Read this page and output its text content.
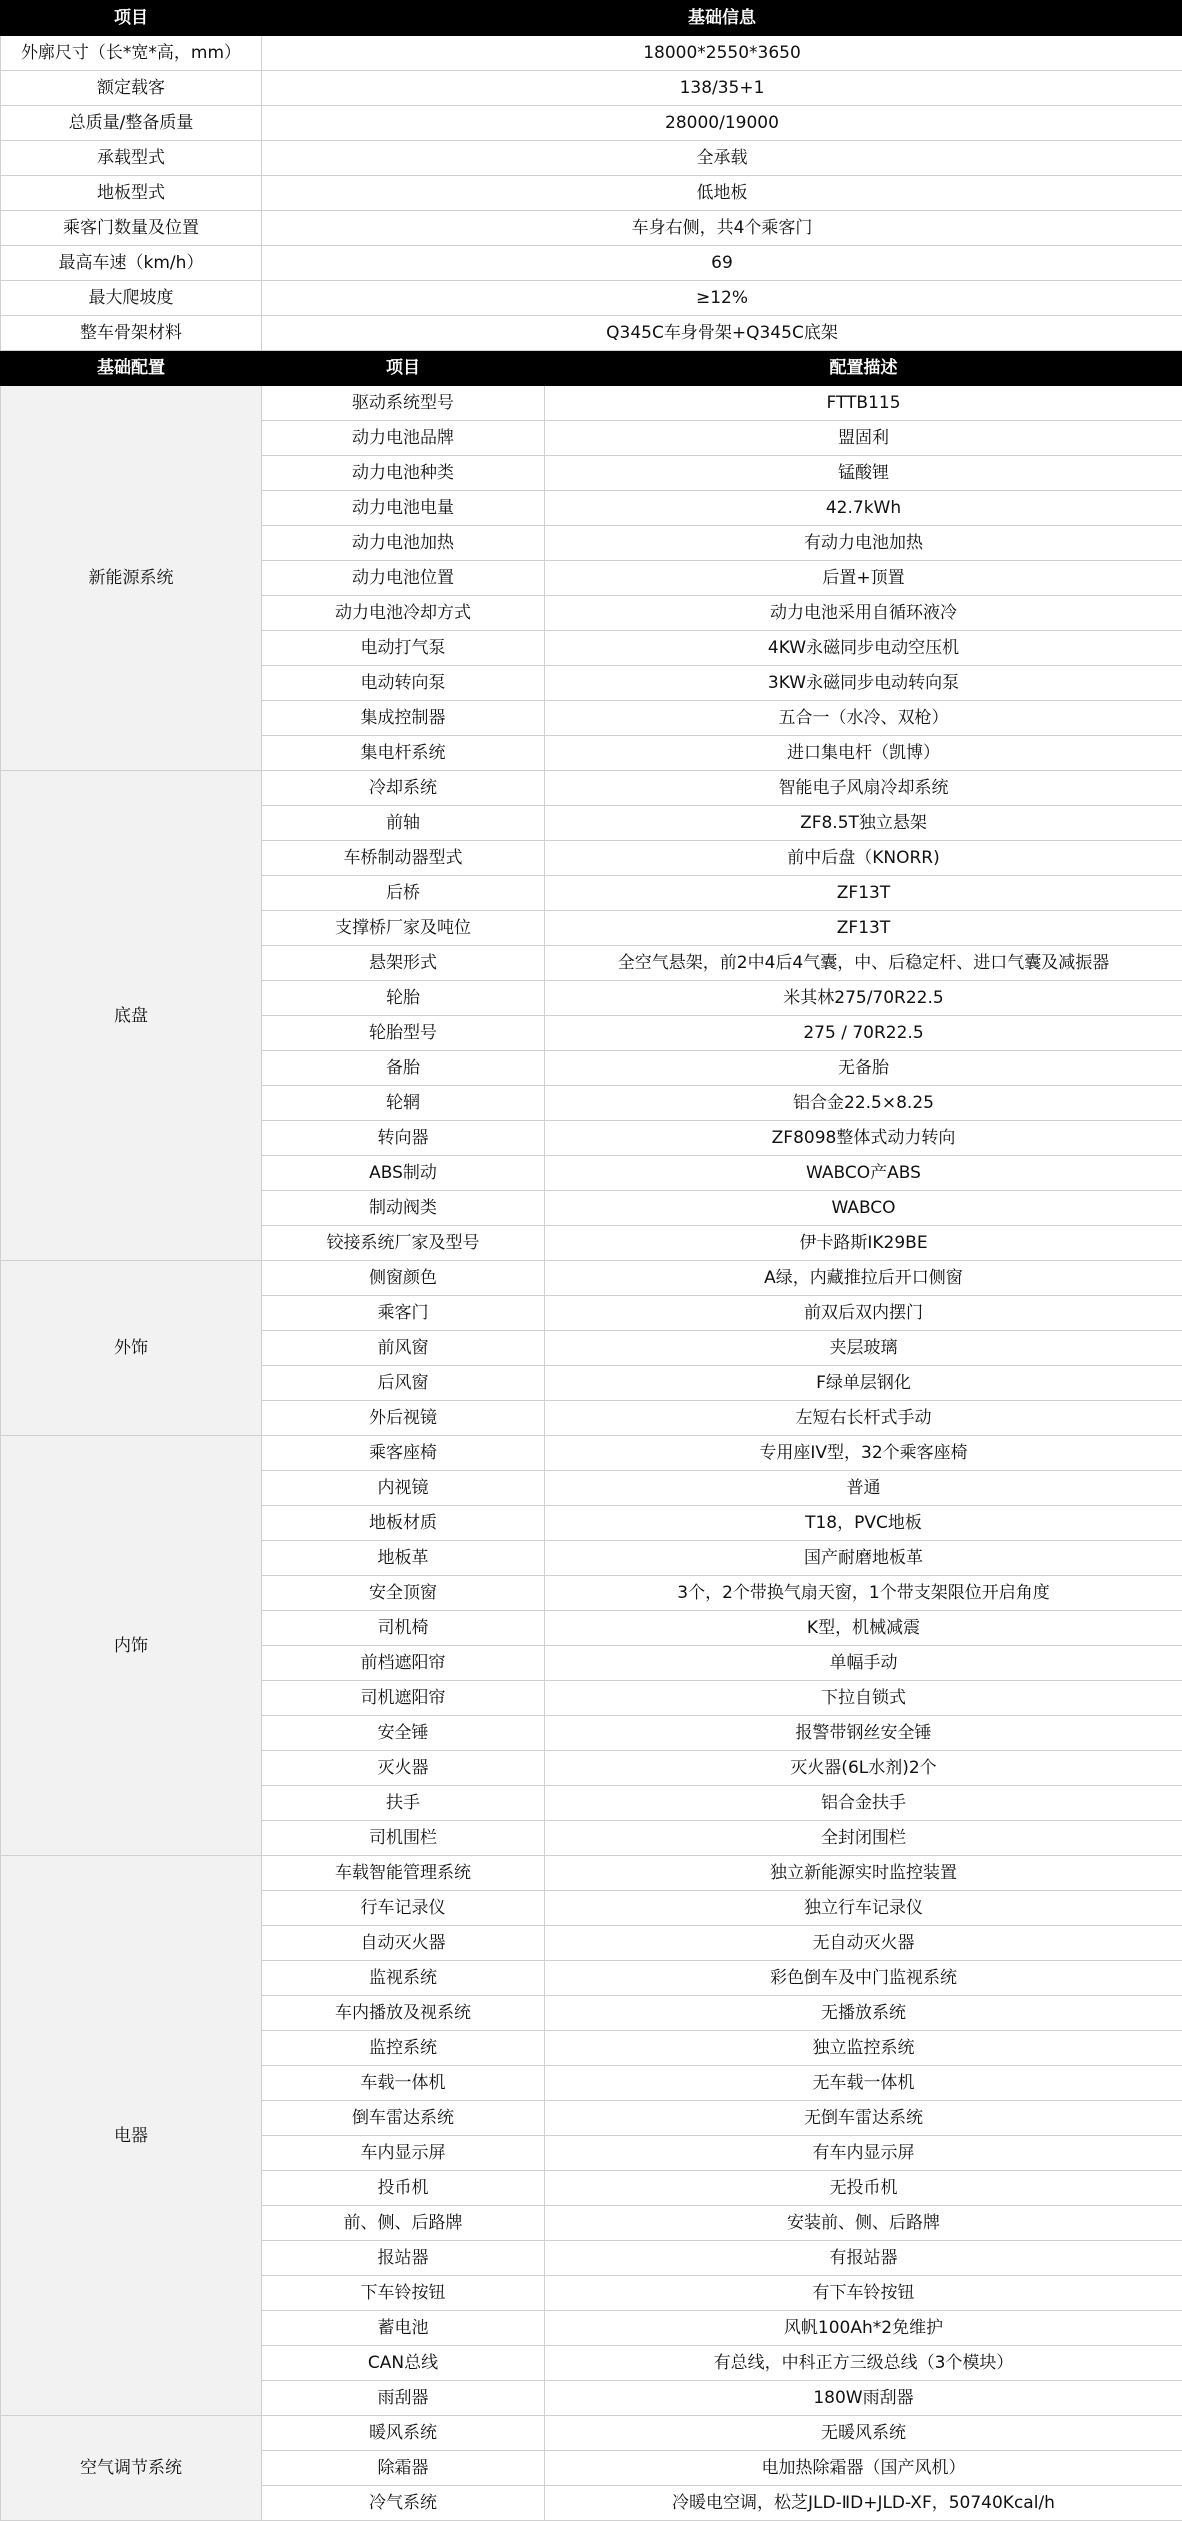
项目	基础信息	
外廓尺寸（长*宽*高，mm）	18000*2550*3650	
额定载客	138/35+1	
总质量/整备质量	28000/19000	
承载型式	全承载	
地板型式	低地板	
乘客门数量及位置	车身右侧，共4个乘客门	
最高车速（km/h）	69	
最大爬坡度	≥12%	
整车骨架材料	Q345C车身骨架+Q345C底架	
基础配置	项目	配置描述
新能源系统	驱动系统型号	FTTB115
	动力电池品牌	盟固利
	动力电池种类	锰酸锂
	动力电池电量	42.7kWh
	动力电池加热	有动力电池加热
	动力电池位置	后置+顶置
	动力电池冷却方式	动力电池采用自循环液冷
	电动打气泵	4KW永磁同步电动空压机
	电动转向泵	3KW永磁同步电动转向泵
	集成控制器	五合一（水冷、双枪）
	集电杆系统	进口集电杆（凯博）
底盘	冷却系统	智能电子风扇冷却系统
	前轴	ZF8.5T独立悬架
	车桥制动器型式	前中后盘（KNORR)
	后桥	ZF13T
	支撑桥厂家及吨位	ZF13T
	悬架形式	全空气悬架，前2中4后4气囊，中、后稳定杆、进口气囊及减振器
	轮胎	米其林275/70R22.5
	轮胎型号	275 / 70R22.5
	备胎	无备胎
	轮辋	铝合金22.5×8.25
	转向器	ZF8098整体式动力转向
	ABS制动	WABCO产ABS
	制动阀类	WABCO
	铰接系统厂家及型号	伊卡路斯IK29BE
外饰	侧窗颜色	A绿，内藏推拉后开口侧窗
	乘客门	前双后双内摆门
	前风窗	夹层玻璃
	后风窗	F绿单层钢化
	外后视镜	左短右长杆式手动
内饰	乘客座椅	专用座IV型，32个乘客座椅
	内视镜	普通
	地板材质	T18，PVC地板
	地板革	国产耐磨地板革
	安全顶窗	3个，2个带换气扇天窗，1个带支架限位开启角度
	司机椅	K型，机械减震
	前档遮阳帘	单幅手动
	司机遮阳帘	下拉自锁式
	安全锤	报警带钢丝安全锤
	灭火器	灭火器(6L水剂)2个
	扶手	铝合金扶手
	司机围栏	全封闭围栏
电器	车载智能管理系统	独立新能源实时监控装置
	行车记录仪	独立行车记录仪
	自动灭火器	无自动灭火器
	监视系统	彩色倒车及中门监视系统
	车内播放及视系统	无播放系统
	监控系统	独立监控系统
	车载一体机	无车载一体机
	倒车雷达系统	无倒车雷达系统
	车内显示屏	有车内显示屏
	投币机	无投币机
	前、侧、后路牌	安装前、侧、后路牌
	报站器	有报站器
	下车铃按钮	有下车铃按钮
	蓄电池	风帆100Ah*2免维护
	CAN总线	有总线，中科正方三级总线（3个模块）
	雨刮器	180W雨刮器
空气调节系统	暖风系统	无暖风系统
	除霜器	电加热除霜器（国产风机）
	冷气系统	冷暖电空调，松芝JLD-ⅡD+JLD-XF，50740Kcal/h
